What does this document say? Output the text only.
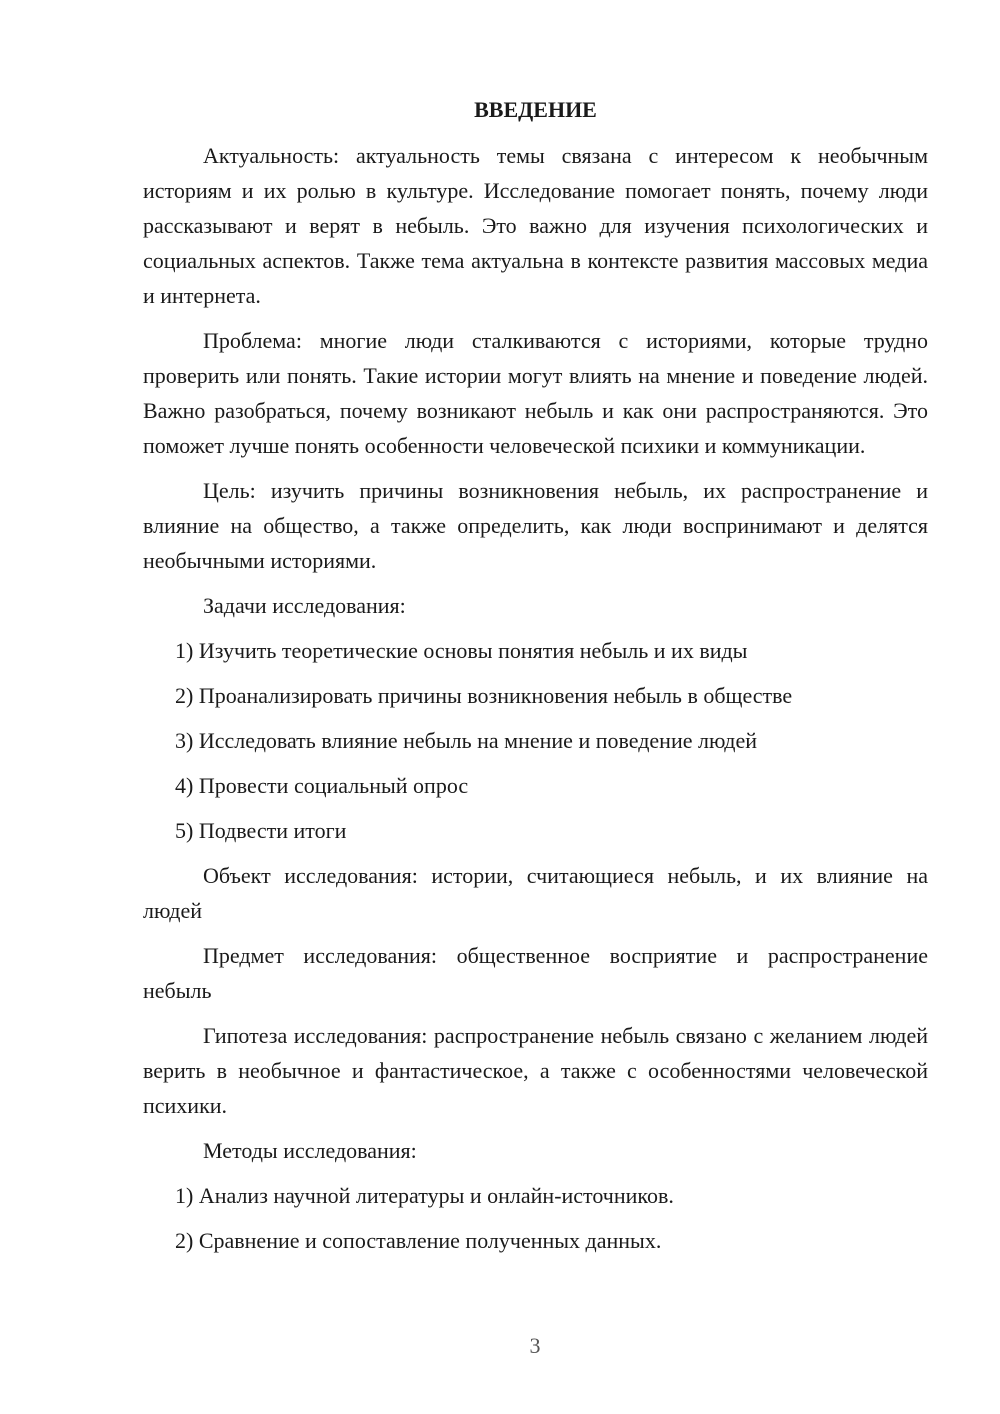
ВВЕДЕНИЕ

Актуальность: актуальность темы связана с интересом к необычным историям и их ролью в культуре. Исследование помогает понять, почему люди рассказывают и верят в небыль. Это важно для изучения психологических и социальных аспектов. Также тема актуальна в контексте развития массовых медиа и интернета.

Проблема: многие люди сталкиваются с историями, которые трудно проверить или понять. Такие истории могут влиять на мнение и поведение людей. Важно разобраться, почему возникают небыль и как они распространяются. Это поможет лучше понять особенности человеческой психики и коммуникации.

Цель: изучить причины возникновения небыль, их распространение и влияние на общество, а также определить, как люди воспринимают и делятся необычными историями.

Задачи исследования:

1) Изучить теоретические основы понятия небыль и их виды

2) Проанализировать причины возникновения небыль в обществе

3) Исследовать влияние небыль на мнение и поведение людей

4) Провести социальный опрос

5) Подвести итоги

Объект исследования: истории, считающиеся небыль, и их влияние на людей

Предмет исследования: общественное восприятие и распространение небыль

Гипотеза исследования: распространение небыль связано с желанием людей верить в необычное и фантастическое, а также с особенностями человеческой психики.

Методы исследования:

1) Анализ научной литературы и онлайн-источников.

2) Сравнение и сопоставление полученных данных.

3
